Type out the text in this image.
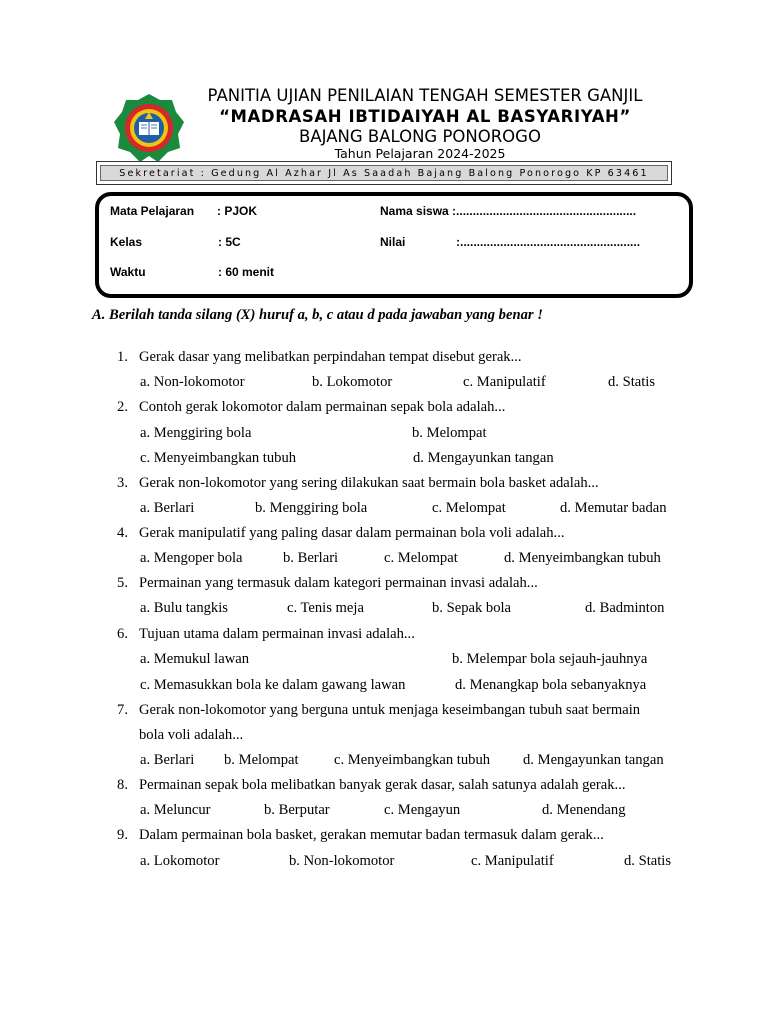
PANITIA UJIAN PENILAIAN TENGAH SEMESTER GANJIL
“MADRASAH IBTIDAIYAH AL BASYARIYAH”
BAJANG BALONG PONOROGO
Tahun Pelajaran 2024-2025
Sekretariat : Gedung Al Azhar Jl As Saadah Bajang Balong Ponorogo KP 63461
Mata Pelajaran : PJOK
Kelas	: 5C
Waktu	: 60 menit
Nama siswa :......................................................
Nilai	:......................................................
A. Berilah tanda silang (X) huruf a, b, c atau d pada jawaban yang benar !
1. Gerak dasar yang melibatkan perpindahan tempat disebut gerak...
a. Non-lokomotor	b. Lokomotor	c. Manipulatif	d. Statis
2. Contoh gerak lokomotor dalam permainan sepak bola adalah...
a. Menggiring bola	b. Melompat
c. Menyeimbangkan tubuh	d. Mengayunkan tangan
3. Gerak non-lokomotor yang sering dilakukan saat bermain bola basket adalah...
a. Berlari	b. Menggiring bola	c. Melompat	d. Memutar badan
4. Gerak manipulatif yang paling dasar dalam permainan bola voli adalah...
a. Mengoper bola	b. Berlari	c. Melompat	d. Menyeimbangkan tubuh
5. Permainan yang termasuk dalam kategori permainan invasi adalah...
a. Bulu tangkis	c. Tenis meja	b. Sepak bola	d. Badminton
6. Tujuan utama dalam permainan invasi adalah...
a. Memukul lawan	b. Melempar bola sejauh-jauhnya
c. Memasukkan bola ke dalam gawang lawan	d. Menangkap bola sebanyaknya
7. Gerak non-lokomotor yang berguna untuk menjaga keseimbangan tubuh saat bermain
bola voli adalah...
a. Berlari b. Melompat c. Menyeimbangkan tubuh d. Mengayunkan tangan
8. Permainan sepak bola melibatkan banyak gerak dasar, salah satunya adalah gerak...
a. Meluncur	b. Berputar	c. Mengayun	d. Menendang
9. Dalam permainan bola basket, gerakan memutar badan termasuk dalam gerak...
a. Lokomotor	b. Non-lokomotor	c. Manipulatif	d. Statis
